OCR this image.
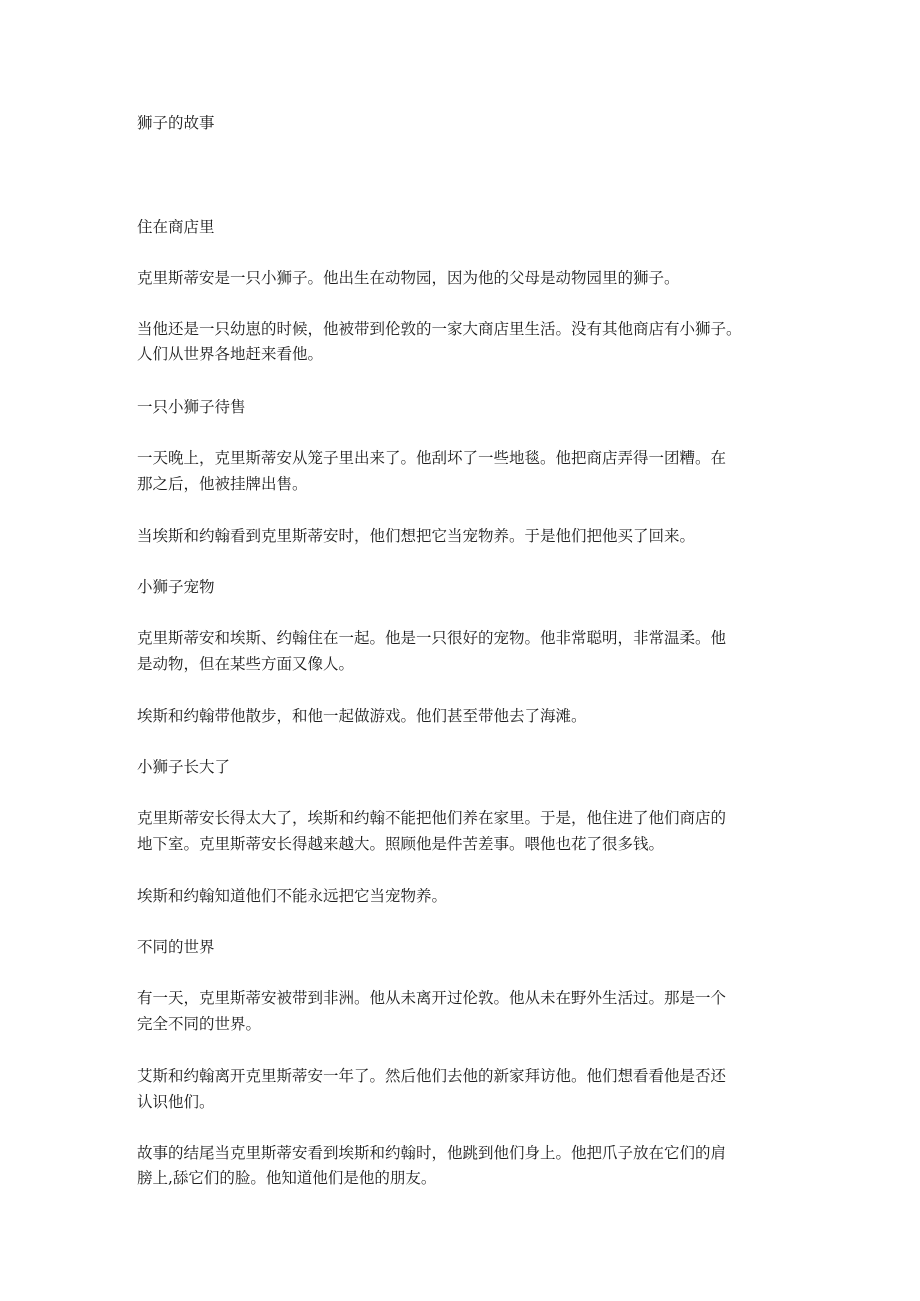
狮子的故事
住在商店里
克里斯蒂安是一只小狮子。他出生在动物园，因为他的父母是动物园里的狮子。
当他还是一只幼崽的时候，他被带到伦敦的一家大商店里生活。没有其他商店有小狮子。
人们从世界各地赶来看他。
一只小狮子待售
一天晚上，克里斯蒂安从笼子里出来了。他刮坏了一些地毯。他把商店弄得一团糟。在
那之后，他被挂牌出售。
当埃斯和约翰看到克里斯蒂安时，他们想把它当宠物养。于是他们把他买了回来。
小狮子宠物
克里斯蒂安和埃斯、约翰住在一起。他是一只很好的宠物。他非常聪明，非常温柔。他
是动物，但在某些方面又像人。
埃斯和约翰带他散步，和他一起做游戏。他们甚至带他去了海滩。
小狮子长大了
克里斯蒂安长得太大了，埃斯和约翰不能把他们养在家里。于是，他住进了他们商店的
地下室。克里斯蒂安长得越来越大。照顾他是件苦差事。喂他也花了很多钱。
埃斯和约翰知道他们不能永远把它当宠物养。
不同的世界
有一天，克里斯蒂安被带到非洲。他从未离开过伦敦。他从未在野外生活过。那是一个
完全不同的世界。
艾斯和约翰离开克里斯蒂安一年了。然后他们去他的新家拜访他。他们想看看他是否还
认识他们。
故事的结尾当克里斯蒂安看到埃斯和约翰时，他跳到他们身上。他把爪子放在它们的肩
膀上,舔它们的脸。他知道他们是他的朋友。
